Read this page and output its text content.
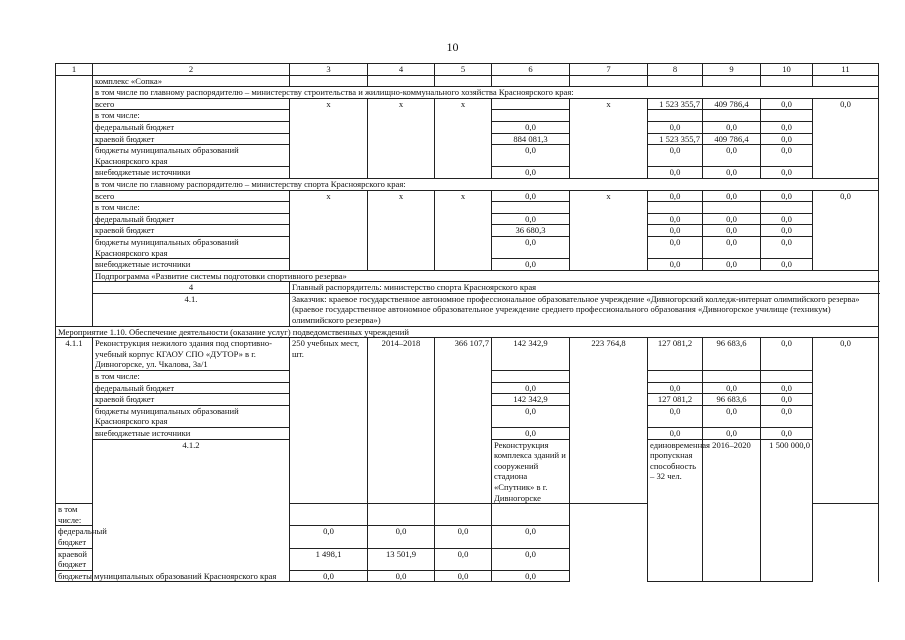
10
1	2	3	4	5	6	7	8	9	10	11	
	комплекс «Сопка»										
	в том числе по главному распорядителю – министерству строительства и жилищно-коммунального хозяйства Красноярского края:										
	всего	х	х	х		х	1 523 355,7	409 786,4	0,0	0,0	
	в том числе:										
	федеральный бюджет				0,0		0,0	0,0	0,0		
	краевой бюджет				884 081,3		1 523 355,7	409 786,4	0,0		
	бюджеты муниципальных образований Красноярского края				0,0		0,0	0,0	0,0		
	внебюджетные источники				0,0		0,0	0,0	0,0		
	в том числе по главному распорядителю – министерству спорта Красноярского края:										
	всего	х	х	х	0,0	х	0,0	0,0	0,0	0,0	
	в том числе:										
	федеральный бюджет				0,0		0,0	0,0	0,0		
	краевой бюджет				36 680,3		0,0	0,0	0,0		
	бюджеты муниципальных образований Красноярского края				0,0		0,0	0,0	0,0		
	внебюджетные источники				0,0		0,0	0,0	0,0		
	Подпрограмма «Развитие системы подготовки спортивного резерва»										
	4	Главный распорядитель: министерство спорта Красноярского края									
	4.1.	Заказчик: краевое государственное автономное профессиональное образовательное учреждение «Дивногорский колледж-интернат олимпийского резерва» (краевое государственное автономное образовательное учреждение среднего профессионального образования «Дивногорское училище (техникум) олимпийского резерва»)									
Мероприятие 1.10. Обеспечение деятельности (оказание услуг) подведомственных учреждений											
4.1.1	Реконструкция нежилого здания под спортивно-учебный корпус КГАОУ СПО «ДУТОР» в г. Дивногорске, ул. Чкалова, 3а/1	250 учебных мест, шт.	2014–2018	366 107,7	142 342,9	223 764,8	127 081,2	96 683,6	0,0	0,0	
	в том числе:										
	федеральный бюджет				0,0		0,0	0,0	0,0		
	краевой бюджет				142 342,9		127 081,2	96 683,6	0,0		
	бюджеты муниципальных образований Красноярского края				0,0		0,0	0,0	0,0		
	внебюджетные источники				0,0		0,0	0,0	0,0		
	4.1.2				Реконструкция комплекса зданий и сооружений стадиона «Спутник» в г. Дивногорске		единовременная пропускная способность – 32 чел.	2016–2020	1 500 000,0						
в том числе:											
федеральный бюджет		0,0	0,0	0,0	0,0						
краевой бюджет		1 498,1	13 501,9	0,0	0,0						
бюджеты муниципальных образований Красноярского края		0,0	0,0	0,0	0,0						
